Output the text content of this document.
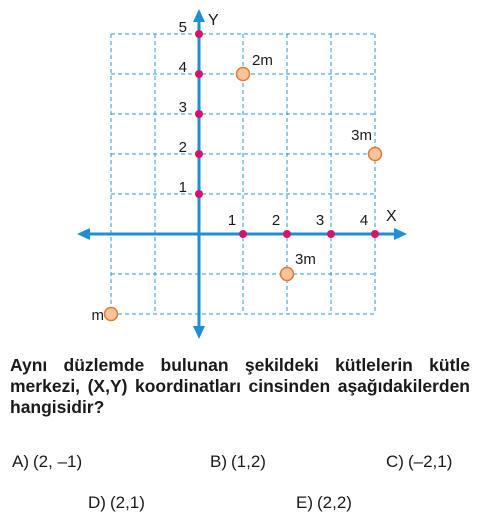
1 2 3 4
1
2
3
4
5
X
Y
2m
3m
3m
m
Aynı düzlemde bulunan şekildeki kütlelerin kütle merkezi, (X,Y) koordinatları cinsinden aşağıdakilerden hangisidir?
A) (2, –1)	B) (1,2)	C) (–2,1)
D) (2,1)	E) (2,2)
